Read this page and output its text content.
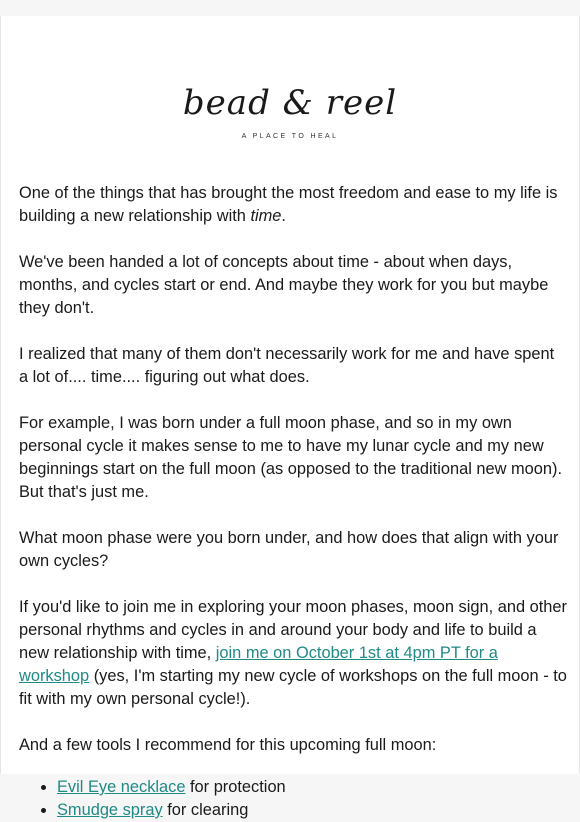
bead & reel
A PLACE TO HEAL

One of the things that has brought the most freedom and ease to my life is building a new relationship with time.

We've been handed a lot of concepts about time - about when days, months, and cycles start or end. And maybe they work for you but maybe they don't.

I realized that many of them don't necessarily work for me and have spent a lot of.... time.... figuring out what does.

For example, I was born under a full moon phase, and so in my own personal cycle it makes sense to me to have my lunar cycle and my new beginnings start on the full moon (as opposed to the traditional new moon). But that's just me.

What moon phase were you born under, and how does that align with your own cycles?

If you'd like to join me in exploring your moon phases, moon sign, and other personal rhythms and cycles in and around your body and life to build a new relationship with time, join me on October 1st at 4pm PT for a workshop (yes, I'm starting my new cycle of workshops on the full moon - to fit with my own personal cycle!).

And a few tools I recommend for this upcoming full moon:

• Evil Eye necklace for protection
• Smudge spray for clearing
